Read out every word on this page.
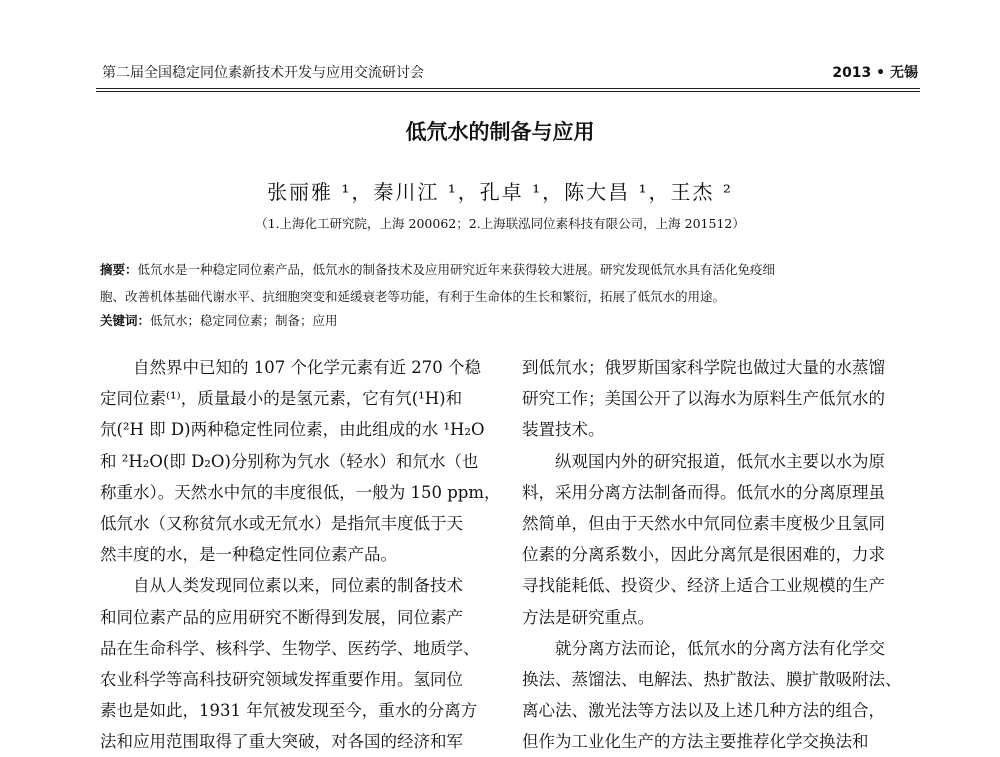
第二届全国稳定同位素新技术开发与应用交流研讨会	2013 • 无锡
低氘水的制备与应用
张丽雅 ¹，秦川江 ¹，孔卓 ¹，陈大昌 ¹，王杰 ²
（1.上海化工研究院，上海 200062；2.上海联泓同位素科技有限公司，上海 201512）
摘要：低氘水是一种稳定同位素产品，低氘水的制备技术及应用研究近年来获得较大进展。研究发现低氘水具有活化免疫细
胞、改善机体基础代谢水平、抗细胞突变和延缓衰老等功能，有利于生命体的生长和繁衍，拓展了低氘水的用途。
关键词：低氘水；稳定同位素；制备；应用
　　自然界中已知的 107 个化学元素有近 270 个稳
定同位素⁽¹⁾，质量最小的是氢元素，它有氕(¹H)和
氘(²H 即 D)两种稳定性同位素，由此组成的水 ¹H₂O
和 ²H₂O(即 D₂O)分别称为氕水（轻水）和氘水（也
称重水）。天然水中氘的丰度很低，一般为 150 ppm，
低氘水（又称贫氘水或无氘水）是指氘丰度低于天
然丰度的水，是一种稳定性同位素产品。
　　自从人类发现同位素以来，同位素的制备技术
和同位素产品的应用研究不断得到发展，同位素产
品在生命科学、核科学、生物学、医药学、地质学、
农业科学等高科技研究领域发挥重要作用。氢同位
素也是如此，1931 年氘被发现至今，重水的分离方
法和应用范围取得了重大突破，对各国的经济和军
到低氘水；俄罗斯国家科学院也做过大量的水蒸馏
研究工作；美国公开了以海水为原料生产低氘水的
装置技术。
　　纵观国内外的研究报道，低氘水主要以水为原
料，采用分离方法制备而得。低氘水的分离原理虽
然简单，但由于天然水中氘同位素丰度极少且氢同
位素的分离系数小，因此分离氘是很困难的，力求
寻找能耗低、投资少、经济上适合工业规模的生产
方法是研究重点。
　　就分离方法而论，低氘水的分离方法有化学交
换法、蒸馏法、电解法、热扩散法、膜扩散吸附法、
离心法、激光法等方法以及上述几种方法的组合，
但作为工业化生产的方法主要推荐化学交换法和
